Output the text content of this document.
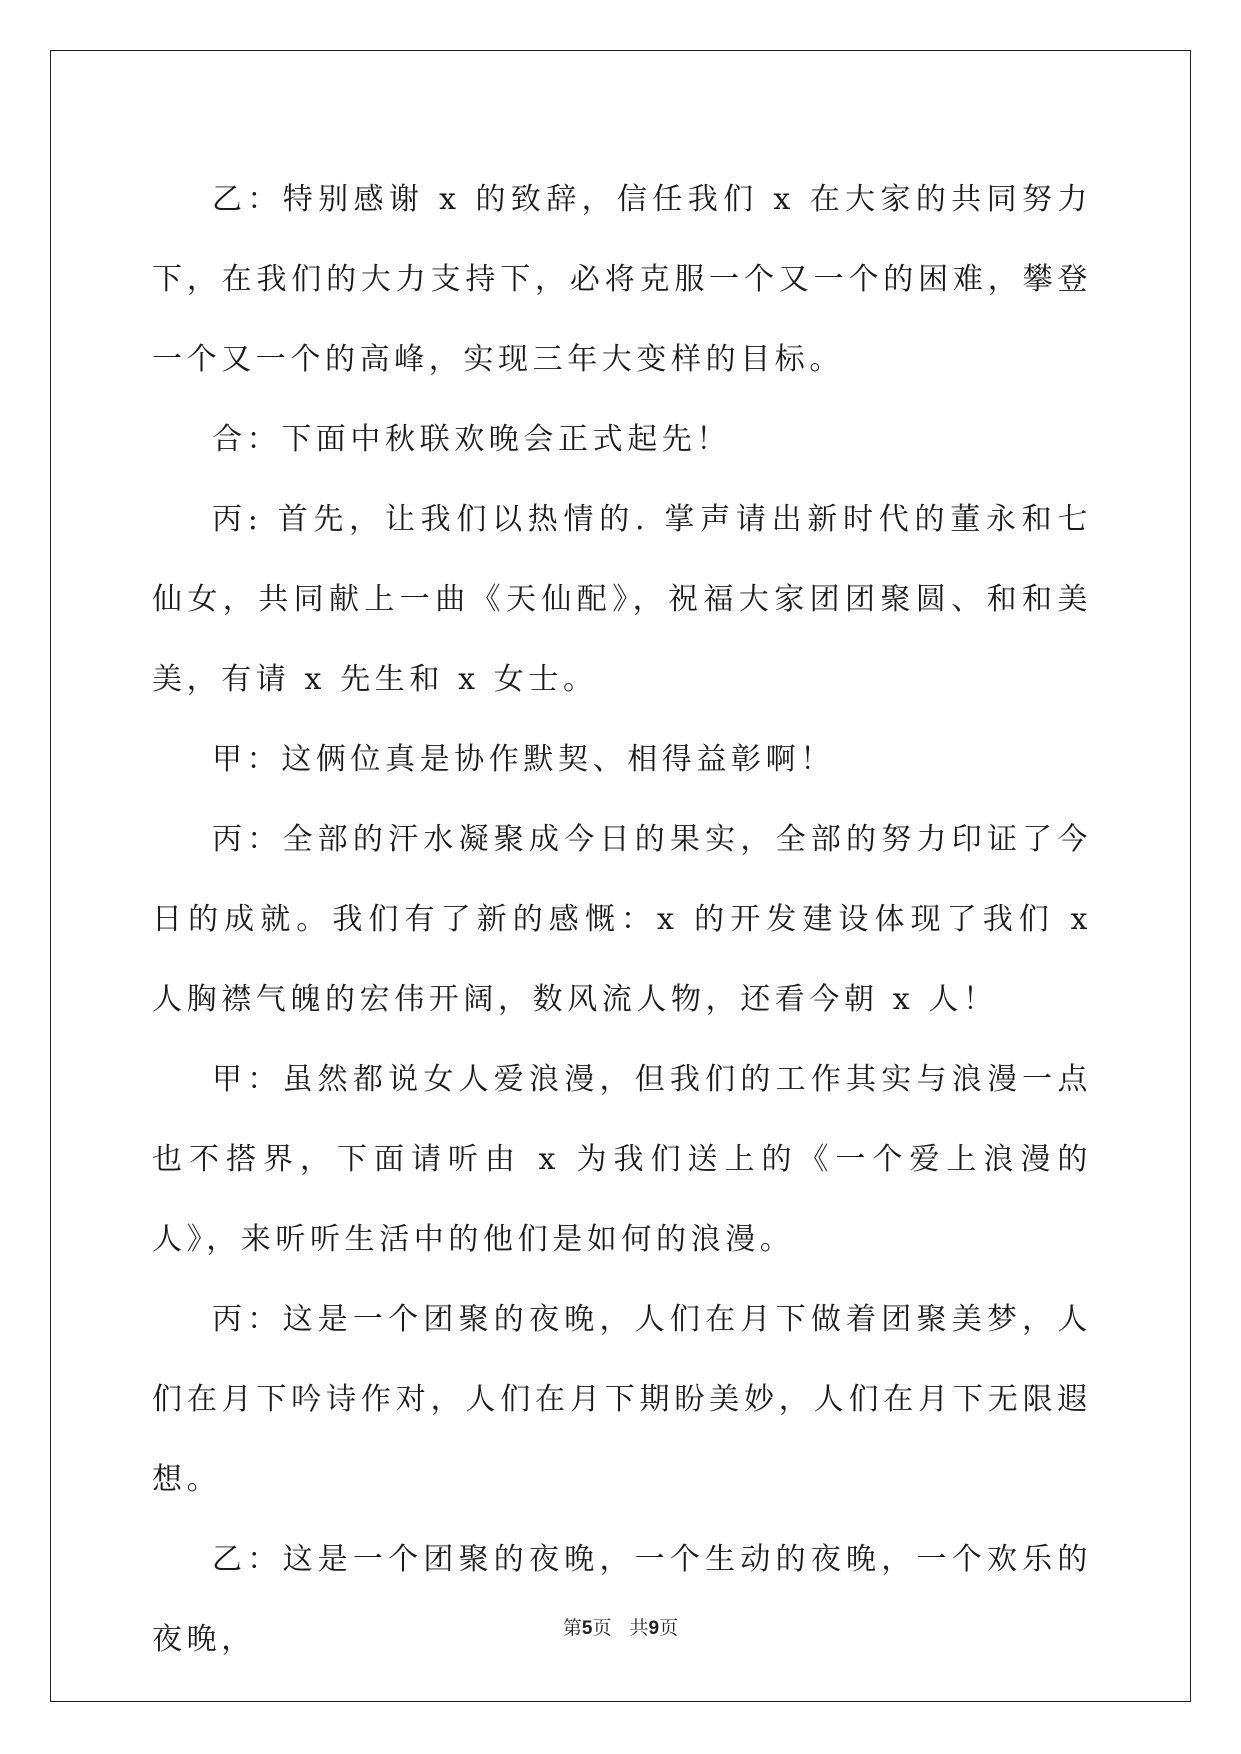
乙：特别感谢 x 的致辞，信任我们 x 在大家的共同努力下，在我们的大力支持下，必将克服一个又一个的困难，攀登一个又一个的高峰，实现三年大变样的目标。

合：下面中秋联欢晚会正式起先！

丙: 首先，让我们以热情的. 掌声请出新时代的董永和七仙女，共同献上一曲《天仙配》，祝福大家团团聚圆、和和美美，有请 x 先生和 x 女士。

甲：这俩位真是协作默契、相得益彰啊！

丙：全部的汗水凝聚成今日的果实，全部的努力印证了今日的成就。我们有了新的感慨：x 的开发建设体现了我们 x 人胸襟气魄的宏伟开阔，数风流人物，还看今朝 x 人！

甲：虽然都说女人爱浪漫，但我们的工作其实与浪漫一点也不搭界，下面请听由 x 为我们送上的《一个爱上浪漫的人》，来听听生活中的他们是如何的浪漫。

丙：这是一个团聚的夜晚，人们在月下做着团聚美梦，人们在月下吟诗作对，人们在月下期盼美妙，人们在月下无限遐想。

乙：这是一个团聚的夜晚，一个生动的夜晚，一个欢乐的夜晚，	第5页 共9页
